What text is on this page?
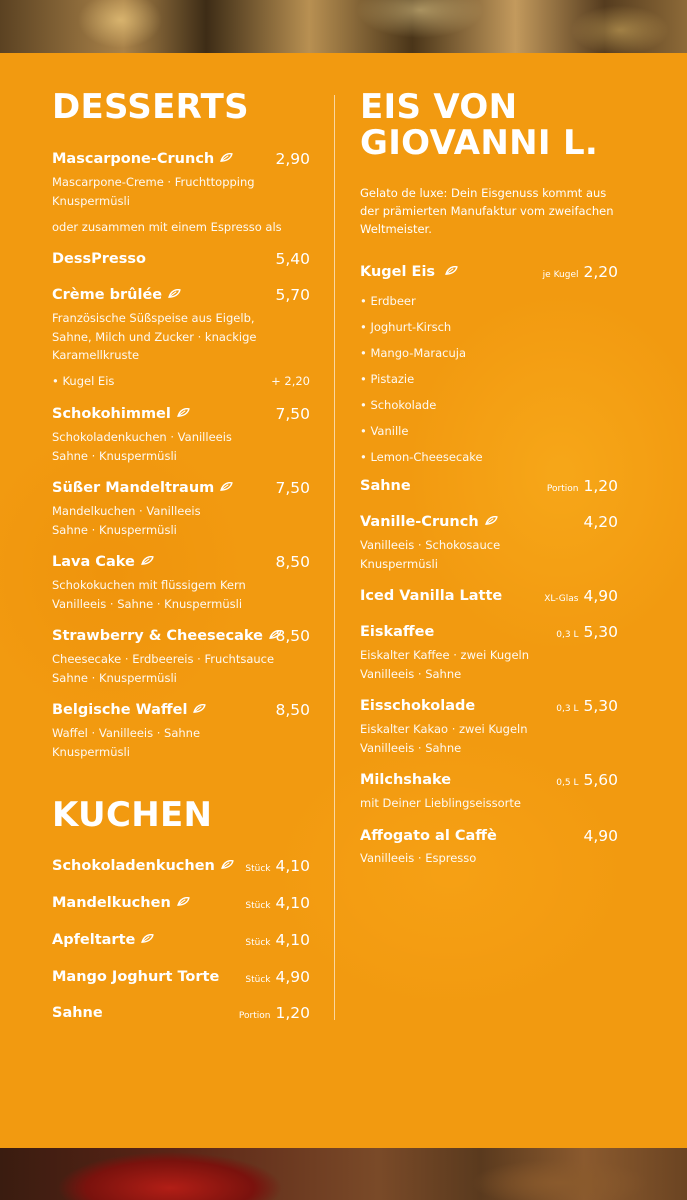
DESSERTS
Mascarpone-Crunch	2,90
Mascarpone-Creme · Fruchttopping
Knuspermüsli
oder zusammen mit einem Espresso als
DessPresso	5,40
Crème brûlée	5,70
Französische Süßspeise aus Eigelb,
Sahne, Milch und Zucker · knackige
Karamellkruste
• Kugel Eis	+ 2,20
Schokohimmel	7,50
Schokoladenkuchen · Vanilleeis
Sahne · Knuspermüsli
Süßer Mandeltraum	7,50
Mandelkuchen · Vanilleeis
Sahne · Knuspermüsli
Lava Cake	8,50
Schokokuchen mit flüssigem Kern
Vanilleeis · Sahne · Knuspermüsli
Strawberry & Cheesecake 8,50
Cheesecake · Erdbeereis · Fruchtsauce
Sahne · Knuspermüsli
Belgische Waffel	8,50
Waffel · Vanilleeis · Sahne
Knuspermüsli
KUCHEN
Schokoladenkuchen	Stück 4,10
Mandelkuchen	Stück 4,10
Apfeltarte	Stück 4,10
Mango Joghurt Torte	Stück 4,90
Sahne	Portion 1,20
EIS VON
GIOVANNI L.
Gelato de luxe: Dein Eisgenuss kommt aus
der prämierten Manufaktur vom zweifachen
Weltmeister.
Kugel Eis	je Kugel 2,20
• Erdbeer
• Joghurt-Kirsch
• Mango-Maracuja
• Pistazie
• Schokolade
• Vanille
• Lemon-Cheesecake
Sahne	Portion 1,20
Vanille-Crunch	4,20
Vanilleeis · Schokosauce
Knuspermüsli
Iced Vanilla Latte	XL-Glas 4,90
Eiskaffee	0,3 L 5,30
Eiskalter Kaffee · zwei Kugeln
Vanilleeis · Sahne
Eisschokolade	0,3 L 5,30
Eiskalter Kakao · zwei Kugeln
Vanilleeis · Sahne
Milchshake	0,5 L 5,60
mit Deiner Lieblingseissorte
Affogato al Caffè	4,90
Vanilleeis · Espresso
